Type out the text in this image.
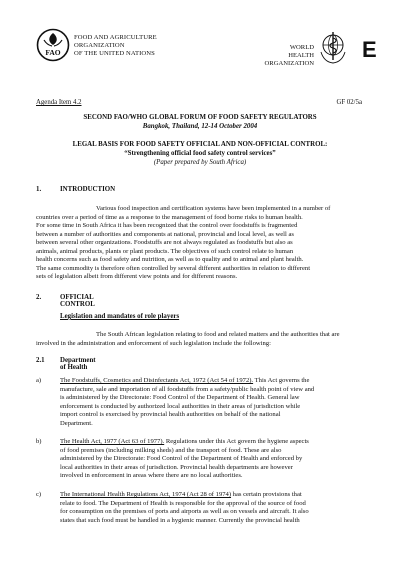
FAO
FOOD AND AGRICULTURE
ORGANIZATION
OF THE UNITED NATIONS
WORLD
HEALTH
ORGANIZATION
E
Agenda Item 4.2	GF 02/5a
SECOND FAO/WHO GLOBAL FORUM OF FOOD SAFETY REGULATORS
Bangkok, Thailand, 12-14 October 2004
LEGAL BASIS FOR FOOD SAFETY OFFICIAL AND NON-OFFICIAL CONTROL:
“Strengthening official food safety control services”
(Paper prepared by South Africa)
1.	INTRODUCTION
Various food inspection and certification systems have been implemented in a number of
countries over a period of time as a response to the management of food borne risks to human health.
For some time in South Africa it has been recognized that the control over foodstuffs is fragmented
between a number of authorities and components at national, provincial and local level, as well as
between several other organizations. Foodstuffs are not always regulated as foodstuffs but also as
animals, animal products, plants or plant products. The objectives of such control relate to human
health concerns such as food safety and nutrition, as well as to quality and to animal and plant health.
The same commodity is therefore often controlled by several different authorities in relation to different
sets of legislation albeit from different view points and for different reasons.
2.	OFFICIAL CONTROL
Legislation and mandates of role players
The South African legislation relating to food and related matters and the authorities that are
involved in the administration and enforcement of such legislation include the following:
2.1 Department of Health
a)	The Foodstuffs, Cosmetics and Disinfectants Act, 1972 (Act 54 of 1972). This Act governs the
manufacture, sale and importation of all foodstuffs from a safety/public health point of view and
is administered by the Directorate: Food Control of the Department of Health. General law
enforcement is conducted by authorized local authorities in their areas of jurisdiction while
import control is exercised by provincial health authorities on behalf of the national
Department.
b)	The Health Act, 1977 (Act 63 of 1977). Regulations under this Act govern the hygiene aspects
of food premises (including milking sheds) and the transport of food. These are also
administered by the Directorate: Food Control of the Department of Health and enforced by
local authorities in their areas of jurisdiction. Provincial health departments are however
involved in enforcement in areas where there are no local authorities.
c)	The International Health Regulations Act, 1974 (Act 28 of 1974) has certain provisions that
relate to food. The Department of Health is responsible for the approval of the source of food
for consumption on the premises of ports and airports as well as on vessels and aircraft. It also
states that such food must be handled in a hygienic manner. Currently the provincial health
